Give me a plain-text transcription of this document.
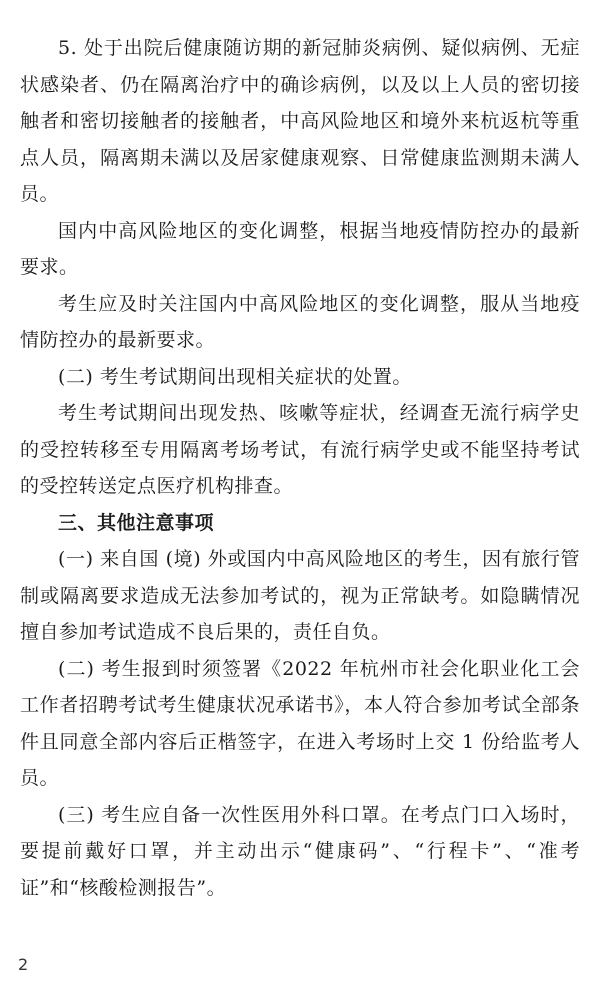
5. 处于出院后健康随访期的新冠肺炎病例、疑似病例、无症状感染者、仍在隔离治疗中的确诊病例，以及以上人员的密切接触者和密切接触者的接触者，中高风险地区和境外来杭返杭等重点人员，隔离期未满以及居家健康观察、日常健康监测期未满人员。

国内中高风险地区的变化调整，根据当地疫情防控办的最新要求。

考生应及时关注国内中高风险地区的变化调整，服从当地疫情防控办的最新要求。

(二) 考生考试期间出现相关症状的处置。

考生考试期间出现发热、咳嗽等症状，经调查无流行病学史的受控转移至专用隔离考场考试，有流行病学史或不能坚持考试的受控转送定点医疗机构排查。

三、其他注意事项

(一) 来自国 (境) 外或国内中高风险地区的考生，因有旅行管制或隔离要求造成无法参加考试的，视为正常缺考。如隐瞒情况擅自参加考试造成不良后果的，责任自负。

(二) 考生报到时须签署《2022 年杭州市社会化职业化工会工作者招聘考试考生健康状况承诺书》，本人符合参加考试全部条件且同意全部内容后正楷签字，在进入考场时上交 1 份给监考人员。

(三) 考生应自备一次性医用外科口罩。在考点门口入场时，要提前戴好口罩，并主动出示“健康码”、“行程卡”、“准考证”和“核酸检测报告”。

2
